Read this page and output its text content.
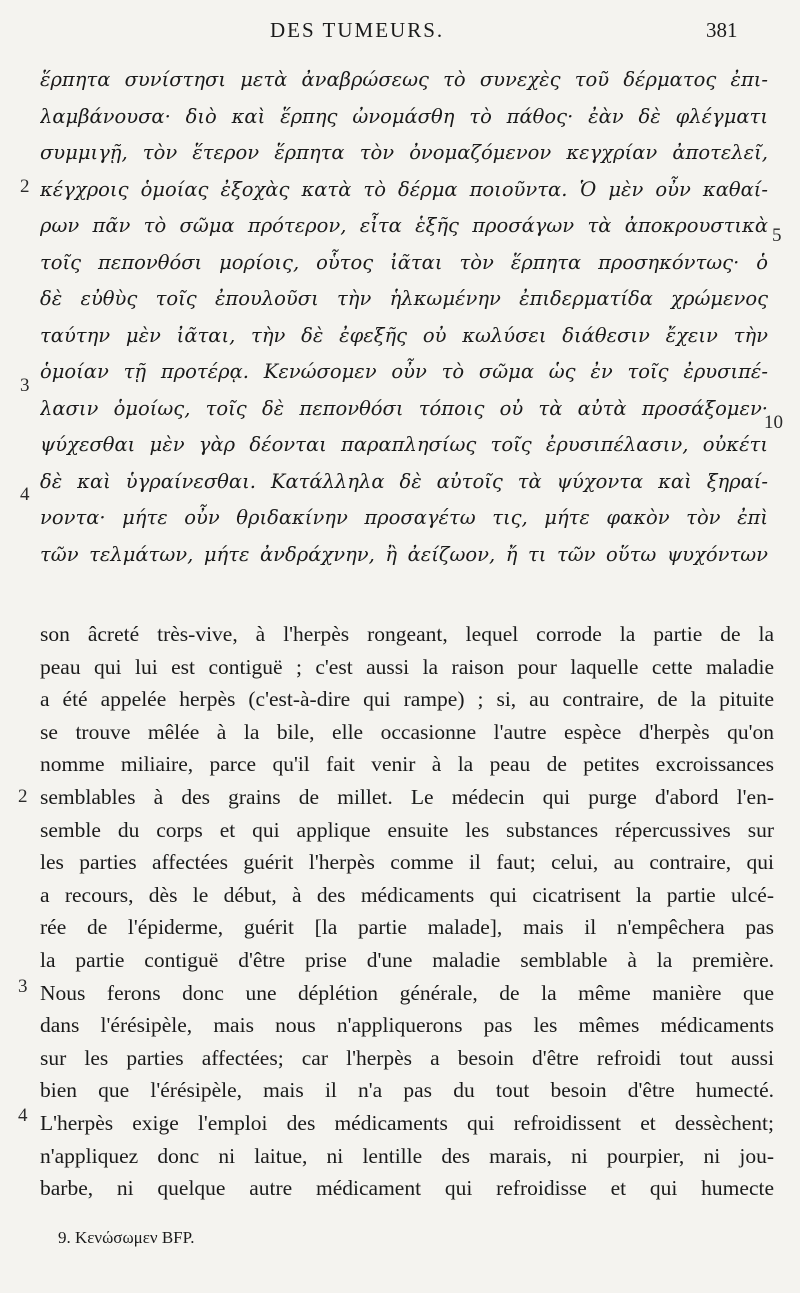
DES TUMEURS.	381
ἕρπητα συνίστησι μετὰ ἀναβρώσεως τὸ συνεχὲς τοῦ δέρματος ἐπι-
λαμβάνουσα· διὸ καὶ ἕρπης ὠνομάσθη τὸ πάθος· ἐὰν δὲ φλέγματι
συμμιγῇ, τὸν ἕτερον ἕρπητα τὸν ὀνομαζόμενον κεγχρίαν ἀποτελεῖ,
κέγχροις ὁμοίας ἐξοχὰς κατὰ τὸ δέρμα ποιοῦντα. Ὁ μὲν οὖν καθαί-
ρων πᾶν τὸ σῶμα πρότερον, εἶτα ἑξῆς προσάγων τὰ ἀποκρουστικὰ
τοῖς πεπονθόσι μορίοις, οὗτος ἰᾶται τὸν ἕρπητα προσηκόντως· ὁ
δὲ εὐθὺς τοῖς ἐπουλοῦσι τὴν ἡλκωμένην ἐπιδερματίδα χρώμενος
ταύτην μὲν ἰᾶται, τὴν δὲ ἐφεξῆς οὐ κωλύσει διάθεσιν ἔχειν τὴν
ὁμοίαν τῇ προτέρᾳ. Κενώσομεν οὖν τὸ σῶμα ὡς ἐν τοῖς ἐρυσιπέ-
λασιν ὁμοίως, τοῖς δὲ πεπονθόσι τόποις οὐ τὰ αὐτὰ προσάξομεν·
ψύχεσθαι μὲν γὰρ δέονται παραπλησίως τοῖς ἐρυσιπέλασιν, οὐκέτι
δὲ καὶ ὑγραίνεσθαι. Κατάλληλα δὲ αὐτοῖς τὰ ψύχοντα καὶ ξηραί-
νοντα· μήτε οὖν θριδακίνην προσαγέτω τις, μήτε φακὸν τὸν ἐπὶ
τῶν τελμάτων, μήτε ἀνδράχνην, ἢ ἀείζωον, ἤ τι τῶν οὕτω ψυχόντων
2
3
4
5
10
son âcreté très-vive, à l'herpès rongeant, lequel corrode la partie de la
peau qui lui est contiguë ; c'est aussi la raison pour laquelle cette maladie
a été appelée herpès (c'est-à-dire qui rampe) ; si, au contraire, de la pituite
se trouve mêlée à la bile, elle occasionne l'autre espèce d'herpès qu'on
nomme miliaire, parce qu'il fait venir à la peau de petites excroissances
semblables à des grains de millet. Le médecin qui purge d'abord l'en-
semble du corps et qui applique ensuite les substances répercussives sur
les parties affectées guérit l'herpès comme il faut; celui, au contraire, qui
a recours, dès le début, à des médicaments qui cicatrisent la partie ulcé-
rée de l'épiderme, guérit [la partie malade], mais il n'empêchera pas
la partie contiguë d'être prise d'une maladie semblable à la première.
Nous ferons donc une déplétion générale, de la même manière que
dans l'érésipèle, mais nous n'appliquerons pas les mêmes médicaments
sur les parties affectées; car l'herpès a besoin d'être refroidi tout aussi
bien que l'érésipèle, mais il n'a pas du tout besoin d'être humecté.
L'herpès exige l'emploi des médicaments qui refroidissent et dessèchent;
n'appliquez donc ni laitue, ni lentille des marais, ni pourpier, ni jou-
barbe, ni quelque autre médicament qui refroidisse et qui humecte
2
3
4
9. Κενώσωμεν BFP.
